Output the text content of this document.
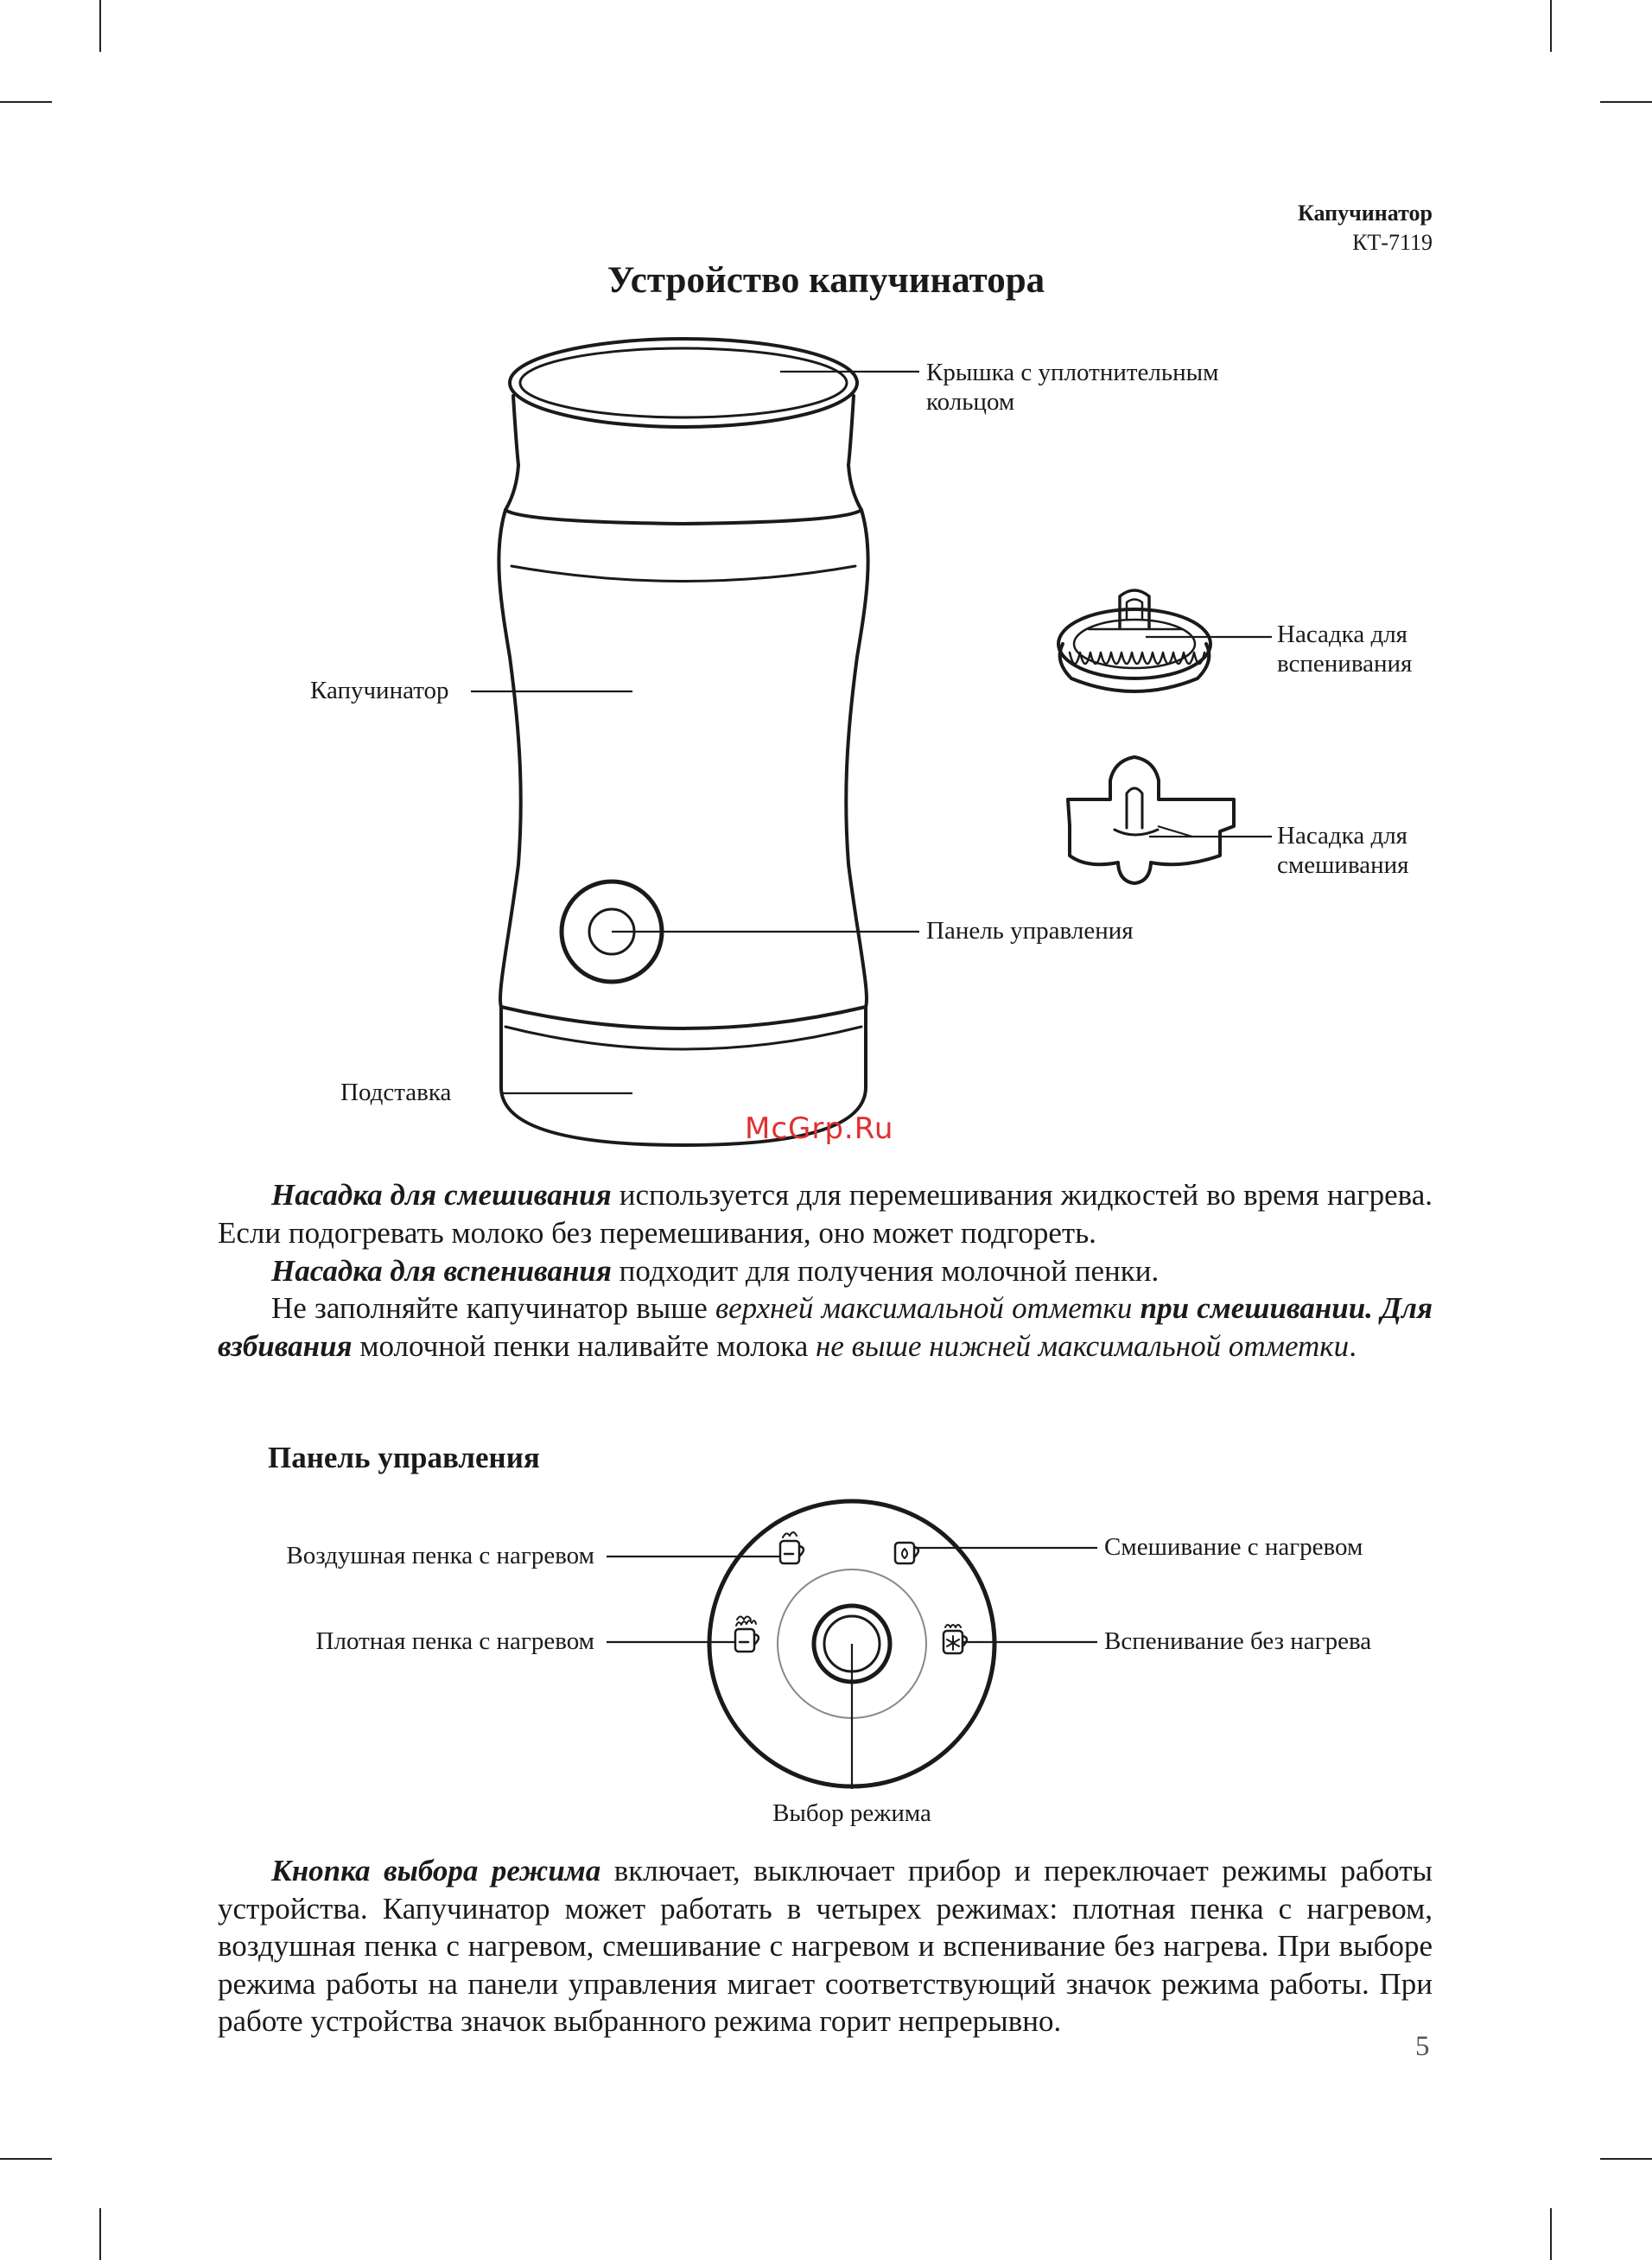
Капучинатор
КТ-7119
Устройство капучинатора
Крышка с уплотнительным
кольцом
Насадка для
вспенивания
Насадка для
смешивания
Капучинатор
Панель управления
Подставка
McGrp.Ru
Насадка для смешивания используется для перемешивания жидкостей во время нагрева. Если подогревать молоко без перемешивания, оно может подгореть.
Насадка для вспенивания подходит для получения молочной пенки.
Не заполняйте капучинатор выше верхней максимальной отметки при смешивании. Для взбивания молочной пенки наливайте молока не выше нижней максимальной отметки.
Панель управления
Воздушная пенка с нагревом
Плотная пенка с нагревом
Смешивание с нагревом
Вспенивание без нагрева
Выбор режима
Кнопка выбора режима включает, выключает прибор и переключает режимы работы устройства. Капучинатор может работать в четырех режимах: плотная пенка с нагревом, воздушная пенка с нагревом, смешивание с нагревом и вспенивание без нагрева. При выборе режима работы на панели управления мигает соответствующий значок режима работы. При работе устройства значок выбранного режима горит непрерывно.
5
